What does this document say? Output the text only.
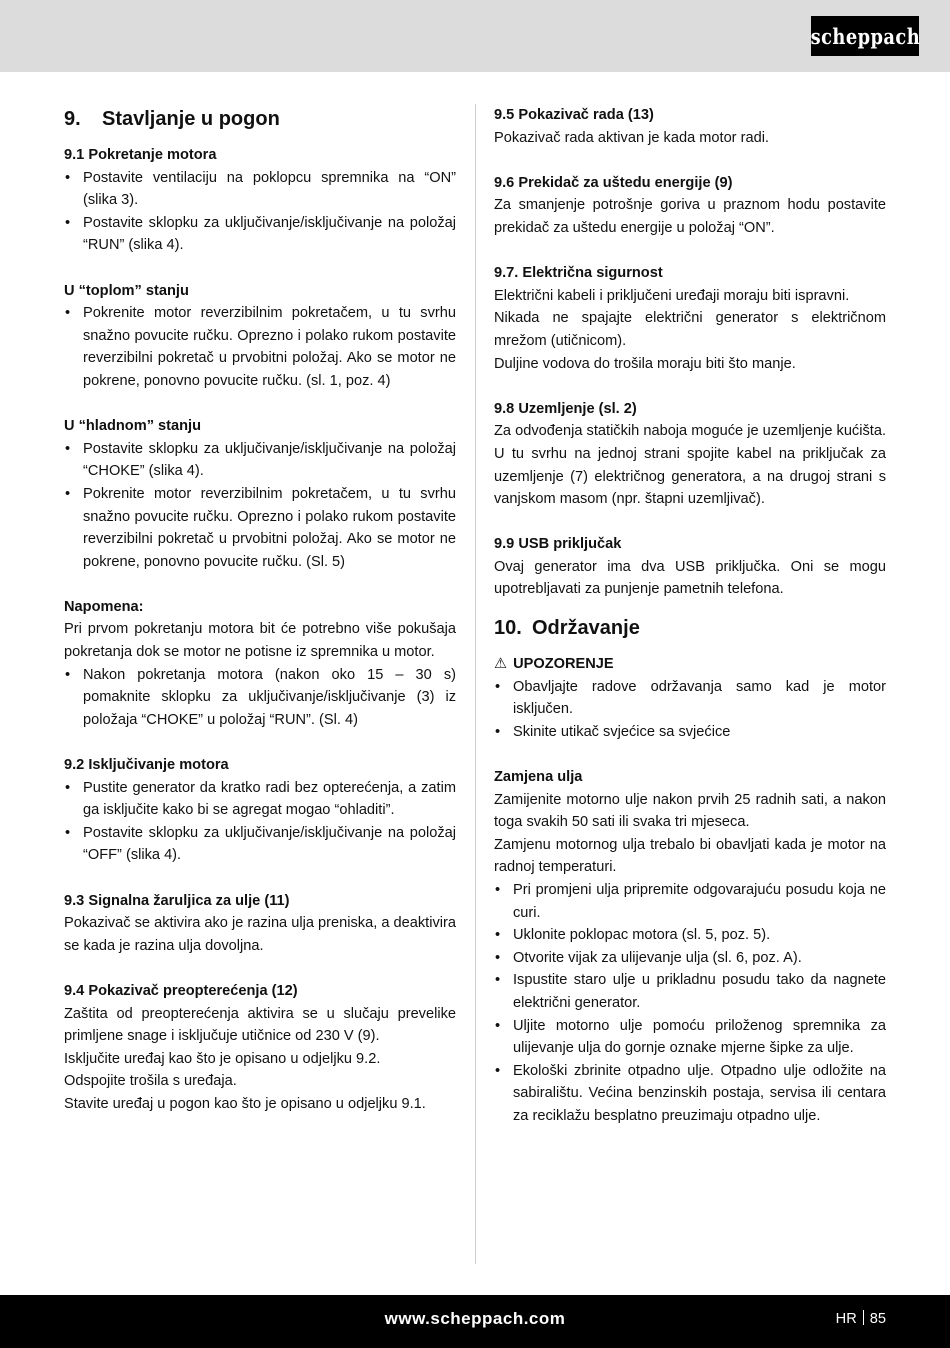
scheppach
9. Stavljanje u pogon
9.1 Pokretanje motora
• Postavite ventilaciju na poklopcu spremnika na “ON” (slika 3).
• Postavite sklopku za uključivanje/isključivanje na položaj “RUN” (slika 4).
U “toplom” stanju
• Pokrenite motor reverzibilnim pokretačem, u tu svrhu snažno povucite ručku. Oprezno i polako rukom postavite reverzibilni pokretač u prvobitni položaj. Ako se motor ne pokrene, ponovno povucite ručku. (sl. 1, poz. 4)
U “hladnom” stanju
• Postavite sklopku za uključivanje/isključivanje na položaj “CHOKE” (slika 4).
• Pokrenite motor reverzibilnim pokretačem, u tu svrhu snažno povucite ručku. Oprezno i polako rukom postavite reverzibilni pokretač u prvobitni položaj. Ako se motor ne pokrene, ponovno povucite ručku. (Sl. 5)
Napomena:

Pri prvom pokretanju motora bit će potrebno više pokušaja pokretanja dok se motor ne potisne iz spremnika u motor.

• Nakon pokretanja motora (nakon oko 15 – 30 s) pomaknite sklopku za uključivanje/isključivanje (3) iz položaja “CHOKE” u položaj “RUN”. (Sl. 4)
9.2 Isključivanje motora
• Pustite generator da kratko radi bez opterećenja, a zatim ga isključite kako bi se agregat mogao “ohladiti”.
• Postavite sklopku za uključivanje/isključivanje na položaj “OFF” (slika 4).
9.3 Signalna žaruljica za ulje (11)

Pokazivač se aktivira ako je razina ulja preniska, a deaktivira se kada je razina ulja dovoljna.

9.4 Pokazivač preopterećenja (12)

Zaštita od preopterećenja aktivira se u slučaju prevelike primljene snage i isključuje utičnice od 230 V (9).

Isključite uređaj kao što je opisano u odjeljku 9.2.

Odspojite trošila s uređaja.

Stavite uređaj u pogon kao što je opisano u odjeljku 9.1.

9.5 Pokazivač rada (13)

Pokazivač rada aktivan je kada motor radi.

9.6 Prekidač za uštedu energije (9)

Za smanjenje potrošnje goriva u praznom hodu postavite prekidač za uštedu energije u položaj “ON”.

9.7. Električna sigurnost

Električni kabeli i priključeni uređaji moraju biti ispravni.

Nikada ne spajajte električni generator s električnom mrežom (utičnicom).

Duljine vodova do trošila moraju biti što manje.

9.8 Uzemljenje (sl. 2)

Za odvođenja statičkih naboja moguće je uzemljenje kućišta. U tu svrhu na jednoj strani spojite kabel na priključak za uzemljenje (7) električnog generatora, a na drugoj strani s vanjskom masom (npr. štapni uzemljivač).

9.9 USB priključak

Ovaj generator ima dva USB priključka. Oni se mogu upotrebljavati za punjenje pametnih telefona.

10. Održavanje
⚠ UPOZORENJE
• Obavljajte radove održavanja samo kad je motor isključen.
• Skinite utikač svjećice sa svjećice
Zamjena ulja

Zamijenite motorno ulje nakon prvih 25 radnih sati, a nakon toga svakih 50 sati ili svaka tri mjeseca.

Zamjenu motornog ulja trebalo bi obavljati kada je motor na radnoj temperaturi.

• Pri promjeni ulja pripremite odgovarajuću posudu koja ne curi.
• Uklonite poklopac motora (sl. 5, poz. 5).
• Otvorite vijak za ulijevanje ulja (sl. 6, poz. A).
• Ispustite staro ulje u prikladnu posudu tako da nagnete električni generator.
• Uljite motorno ulje pomoću priloženog spremnika za ulijevanje ulja do gornje oznake mjerne šipke za ulje.
• Ekološki zbrinite otpadno ulje. Otpadno ulje odložite na sabiralištu. Većina benzinskih postaja, servisa ili centara za reciklažu besplatno preuzimaju otpadno ulje.
www.scheppach.com	HR 85
